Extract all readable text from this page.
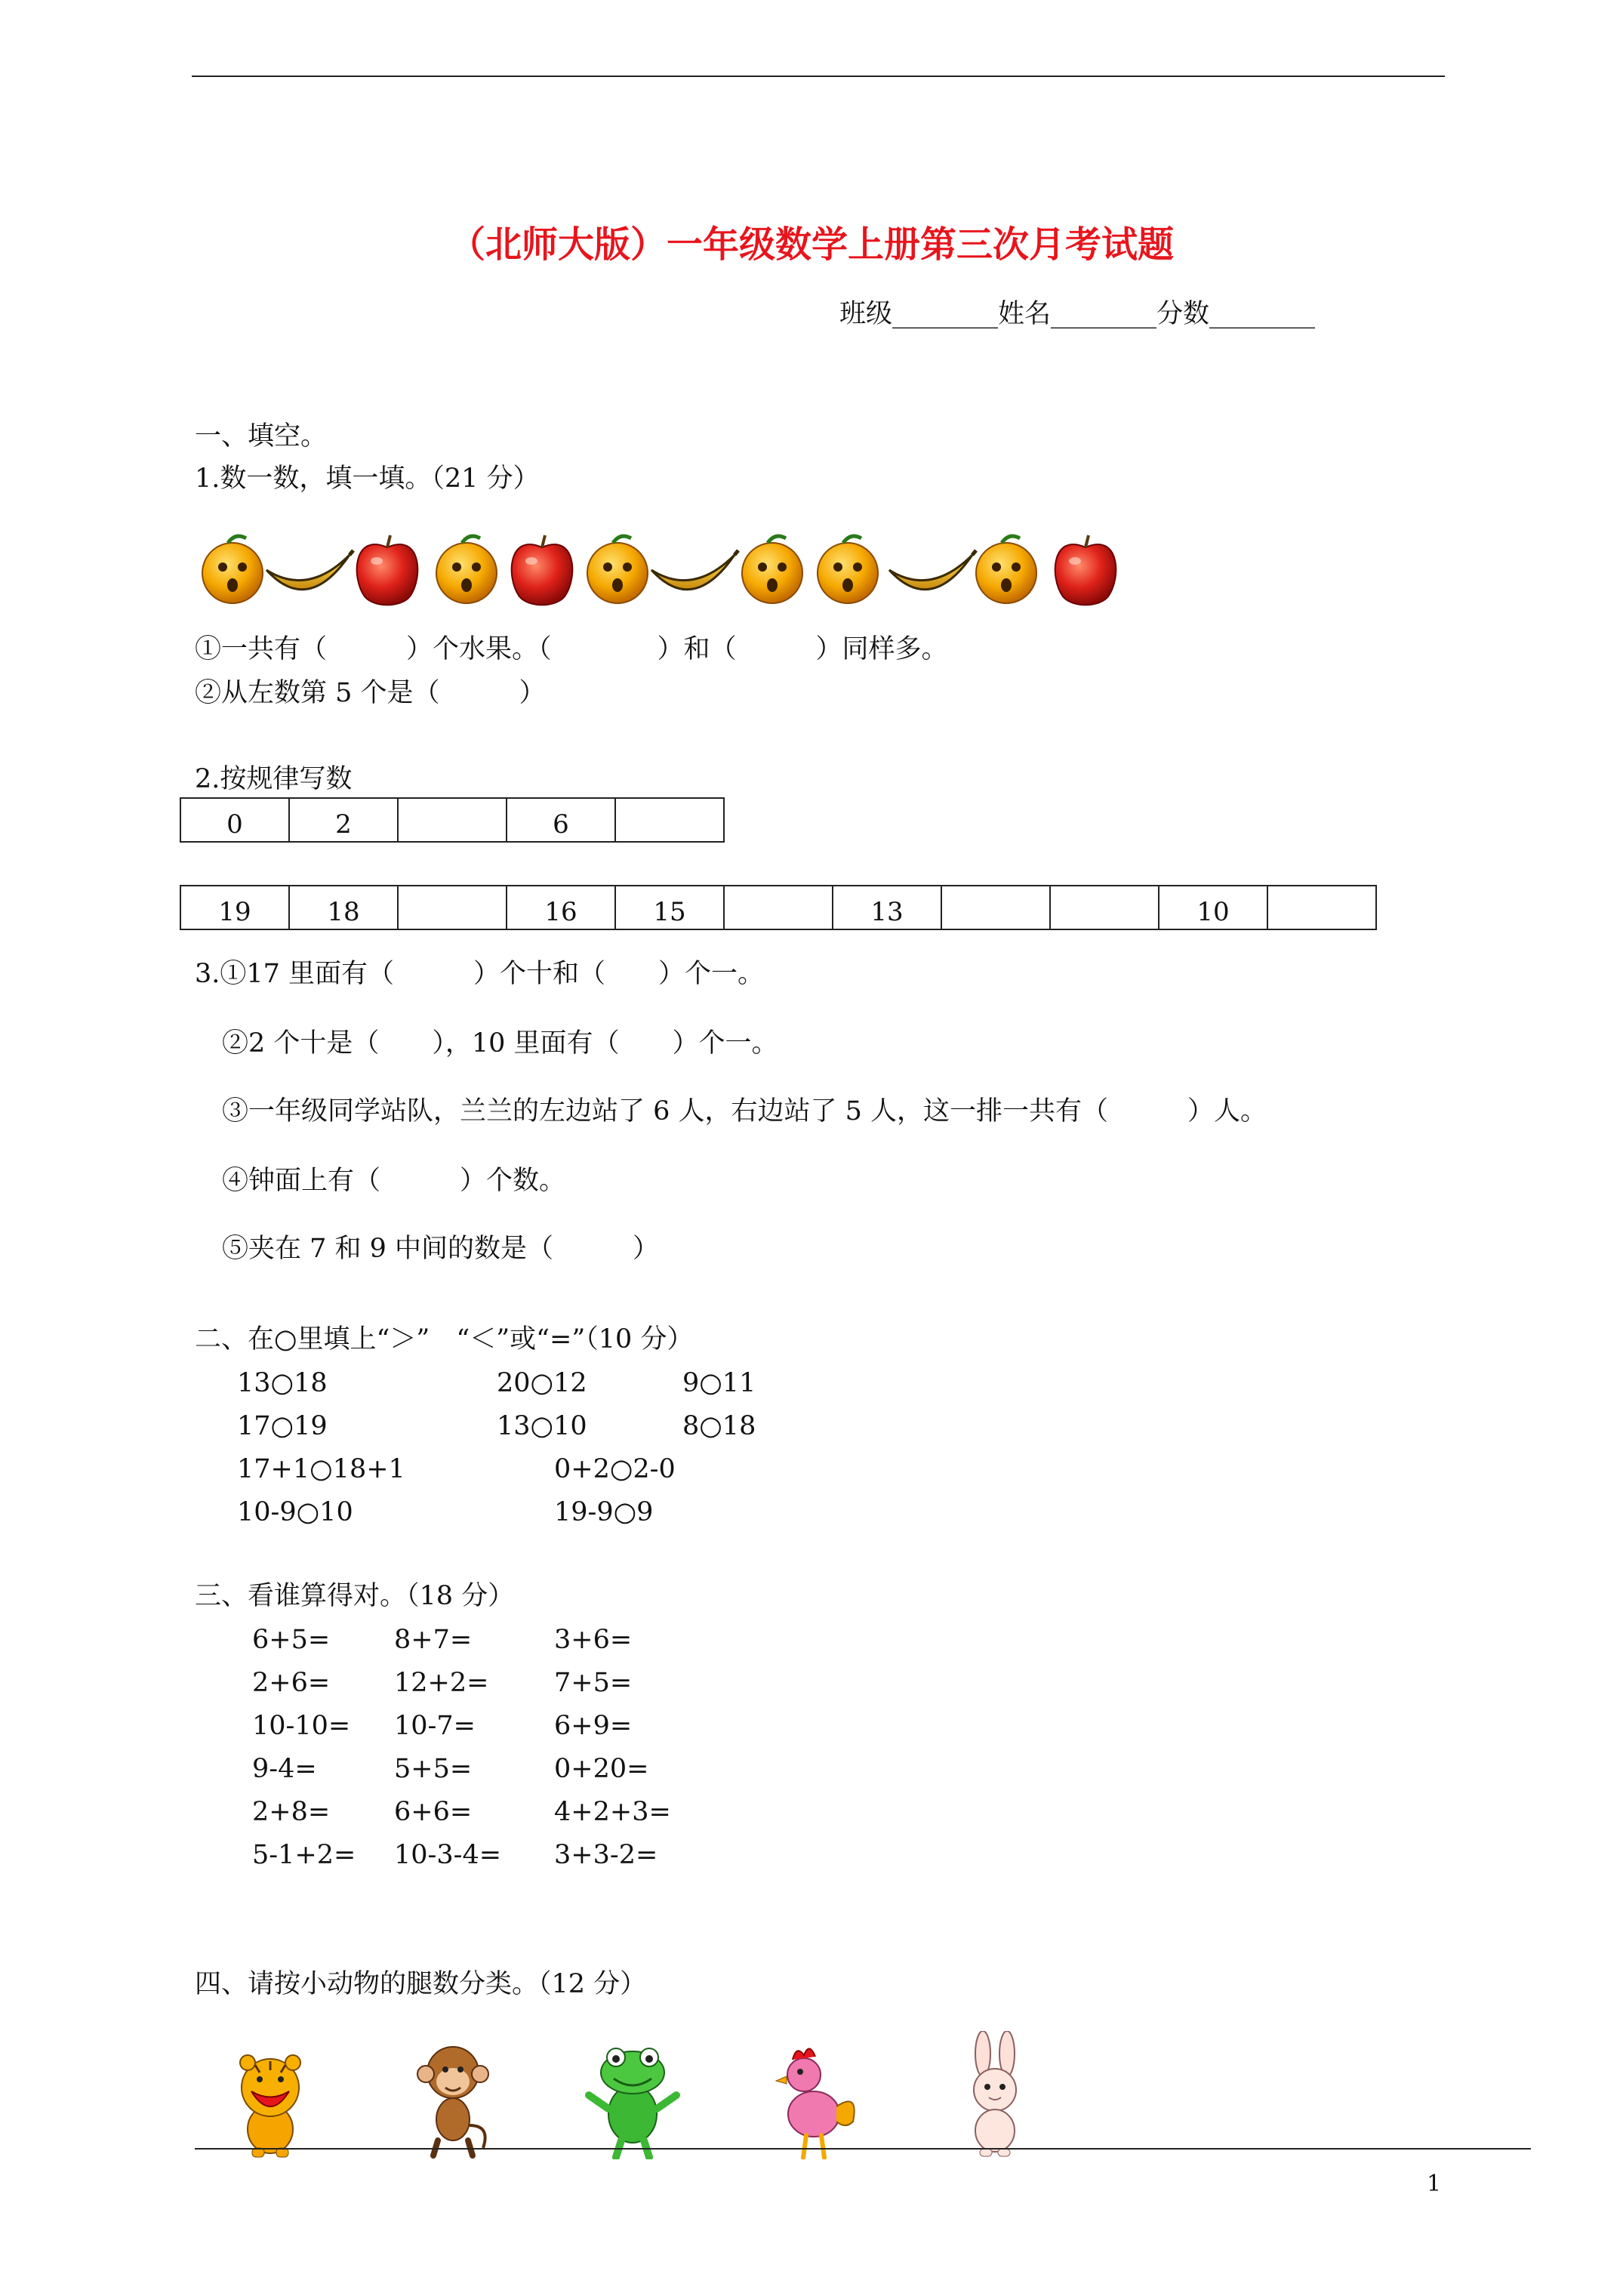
（北师大版）一年级数学上册第三次月考试题
班级________姓名________分数________
一、填空。
1.数一数，填一填。（21 分）
①一共有（　　　）个水果。（　　　　）和（　　　）同样多。
②从左数第 5 个是（　　　）
2.按规律写数
0	2		6	
19	18		16	15		13			10	
3.①17 里面有（　　　）个十和（　　）个一。
②2 个十是（　　），10 里面有（　　）个一。
③一年级同学站队，兰兰的左边站了 6 人，右边站了 5 人，这一排一共有（　　　）人。
④钟面上有（　　　）个数。
⑤夹在 7 和 9 中间的数是（　　　）
二、在○里填上“＞”　“＜”或“=”（10 分）
13○18	20○12	9○11
17○19	13○10	8○18
17+1○18+1	0+2○2-0
10-9○10	19-9○9
三、看谁算得对。（18 分）
6+5= 8+7=	3+6=
2+6= 12+2= 7+5=
10-10= 10-7=	6+9=
9-4=	5+5=	0+20=
2+8= 6+6=	4+2+3=
5-1+2= 10-3-4= 3+3-2=
四、请按小动物的腿数分类。（12 分）
1
